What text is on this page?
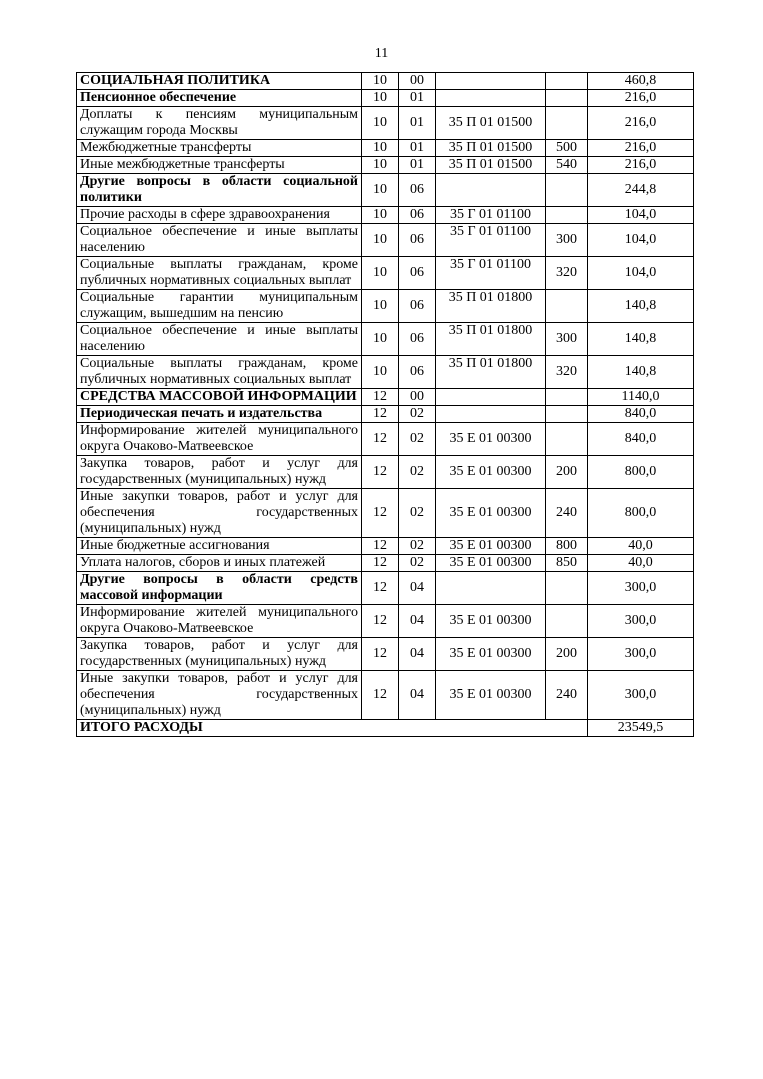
11
СОЦИАЛЬНАЯ ПОЛИТИКА	10	00			460,8
Пенсионное обеспечение	10	01			216,0
Доплаты к пенсиям муниципальным служащим города Москвы	10	01	35 П 01 01500		216,0
Межбюджетные трансферты	10	01	35 П 01 01500	500	216,0
Иные межбюджетные трансферты	10	01	35 П 01 01500	540	216,0
Другие вопросы в области социальной политики	10	06			244,8
Прочие расходы в сфере здравоохранения	10	06	35 Г 01 01100		104,0
Социальное обеспечение и иные выплаты населению	10	06	35 Г 01 01100	300	104,0
Социальные выплаты гражданам, кроме публичных нормативных социальных выплат	10	06	35 Г 01 01100	320	104,0
Социальные гарантии муниципальным служащим, вышедшим на пенсию	10	06	35 П 01 01800		140,8
Социальное обеспечение и иные выплаты населению	10	06	35 П 01 01800	300	140,8
Социальные выплаты гражданам, кроме публичных нормативных социальных выплат	10	06	35 П 01 01800	320	140,8
СРЕДСТВА МАССОВОЙ ИНФОРМАЦИИ	12	00			1140,0
Периодическая печать и издательства	12	02			840,0
Информирование жителей муниципального округа Очаково-Матвеевское	12	02	35 Е 01 00300		840,0
Закупка товаров, работ и услуг для государственных (муниципальных) нужд	12	02	35 Е 01 00300	200	800,0
Иные закупки товаров, работ и услуг для обеспечения государственных (муниципальных) нужд	12	02	35 Е 01 00300	240	800,0
Иные бюджетные ассигнования	12	02	35 Е 01 00300	800	40,0
Уплата налогов, сборов и иных платежей	12	02	35 Е 01 00300	850	40,0
Другие вопросы в области средств массовой информации	12	04			300,0
Информирование жителей муниципального округа Очаково-Матвеевское	12	04	35 Е 01 00300		300,0
Закупка товаров, работ и услуг для государственных (муниципальных) нужд	12	04	35 Е 01 00300	200	300,0
Иные закупки товаров, работ и услуг для обеспечения государственных (муниципальных) нужд	12	04	35 Е 01 00300	240	300,0
ИТОГО РАСХОДЫ					23549,5
